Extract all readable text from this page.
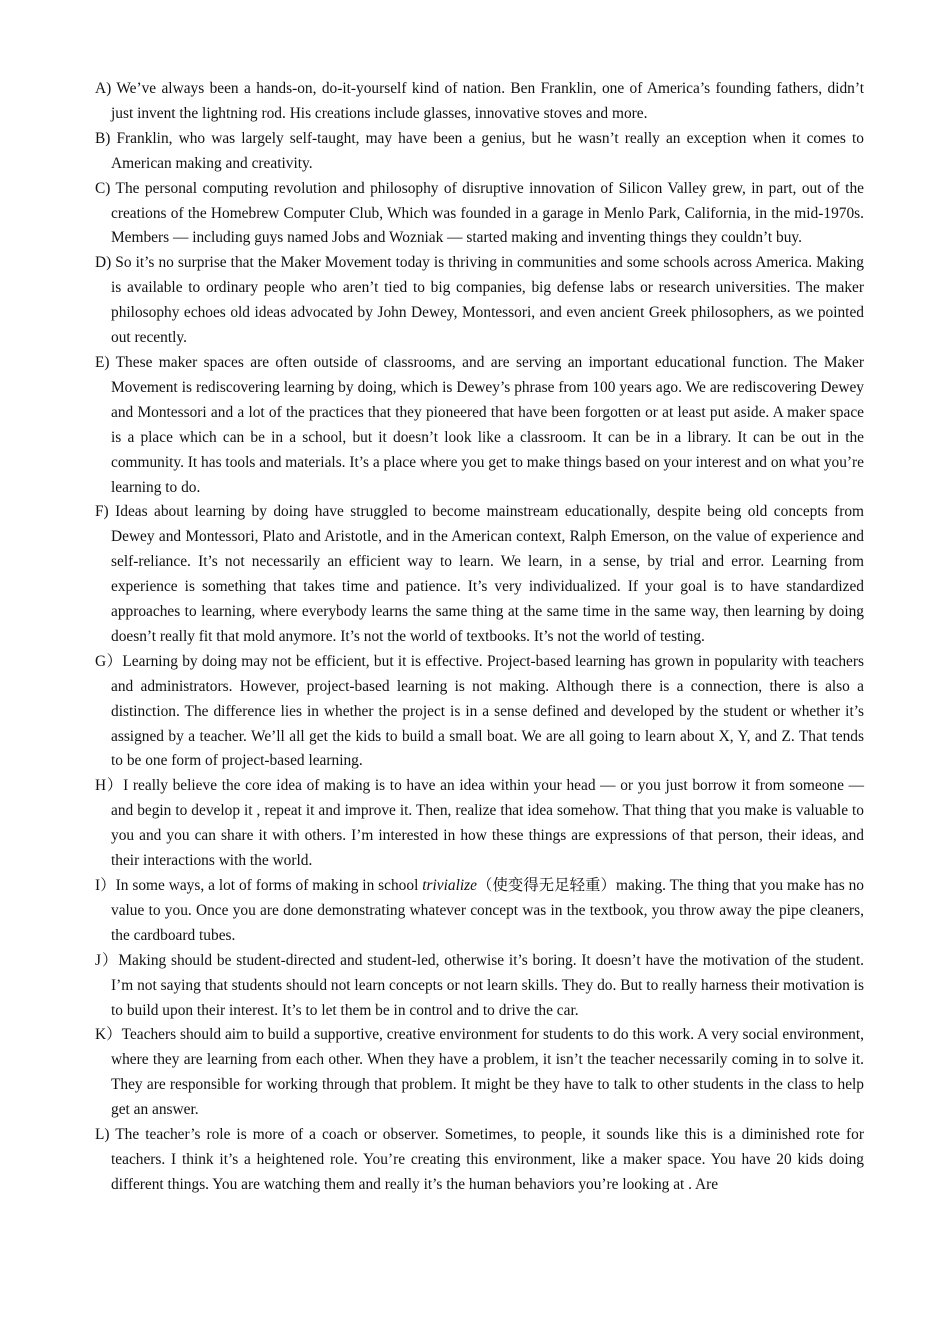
A) We’ve always been a hands-on, do-it-yourself kind of nation. Ben Franklin, one of America’s founding fathers, didn’t just invent the lightning rod. His creations include glasses, innovative stoves and more.

B) Franklin, who was largely self-taught, may have been a genius, but he wasn’t really an exception when it comes to American making and creativity.

C) The personal computing revolution and philosophy of disruptive innovation of Silicon Valley grew, in part, out of the creations of the Homebrew Computer Club, Which was founded in a garage in Menlo Park, California, in the mid-1970s. Members — including guys named Jobs and Wozniak — started making and inventing things they couldn’t buy.

D) So it’s no surprise that the Maker Movement today is thriving in communities and some schools across America. Making is available to ordinary people who aren’t tied to big companies, big defense labs or research universities. The maker philosophy echoes old ideas advocated by John Dewey, Montessori, and even ancient Greek philosophers, as we pointed out recently.

E) These maker spaces are often outside of classrooms, and are serving an important educational function. The Maker Movement is rediscovering learning by doing, which is Dewey’s phrase from 100 years ago. We are rediscovering Dewey and Montessori and a lot of the practices that they pioneered that have been forgotten or at least put aside. A maker space is a place which can be in a school, but it doesn’t look like a classroom. It can be in a library. It can be out in the community. It has tools and materials. It’s a place where you get to make things based on your interest and on what you’re learning to do.

F) Ideas about learning by doing have struggled to become mainstream educationally, despite being old concepts from Dewey and Montessori, Plato and Aristotle, and in the American context, Ralph Emerson, on the value of experience and self-reliance. It’s not necessarily an efficient way to learn. We learn, in a sense, by trial and error. Learning from experience is something that takes time and patience. It’s very individualized. If your goal is to have standardized approaches to learning, where everybody learns the same thing at the same time in the same way, then learning by doing doesn’t really fit that mold anymore. It’s not the world of textbooks. It’s not the world of testing.

G）Learning by doing may not be efficient, but it is effective. Project-based learning has grown in popularity with teachers and administrators. However, project-based learning is not making. Although there is a connection, there is also a distinction. The difference lies in whether the project is in a sense defined and developed by the student or whether it’s assigned by a teacher. We’ll all get the kids to build a small boat. We are all going to learn about X, Y, and Z. That tends to be one form of project-based learning.

H）I really believe the core idea of making is to have an idea within your head — or you just borrow it from someone — and begin to develop it , repeat it and improve it. Then, realize that idea somehow. That thing that you make is valuable to you and you can share it with others. I’m interested in how these things are expressions of that person, their ideas, and their interactions with the world.

I）In some ways, a lot of forms of making in school trivialize（使变得无足轻重）making. The thing that you make has no value to you. Once you are done demonstrating whatever concept was in the textbook, you throw away the pipe cleaners, the cardboard tubes.

J）Making should be student-directed and student-led, otherwise it’s boring. It doesn’t have the motivation of the student. I’m not saying that students should not learn concepts or not learn skills. They do. But to really harness their motivation is to build upon their interest. It’s to let them be in control and to drive the car.

K）Teachers should aim to build a supportive, creative environment for students to do this work. A very social environment, where they are learning from each other. When they have a problem, it isn’t the teacher necessarily coming in to solve it. They are responsible for working through that problem. It might be they have to talk to other students in the class to help get an answer.

L) The teacher’s role is more of a coach or observer. Sometimes, to people, it sounds like this is a diminished rote for teachers. I think it’s a heightened role. You’re creating this environment, like a maker space. You have 20 kids doing different things. You are watching them and really it’s the human behaviors you’re looking at . Are
